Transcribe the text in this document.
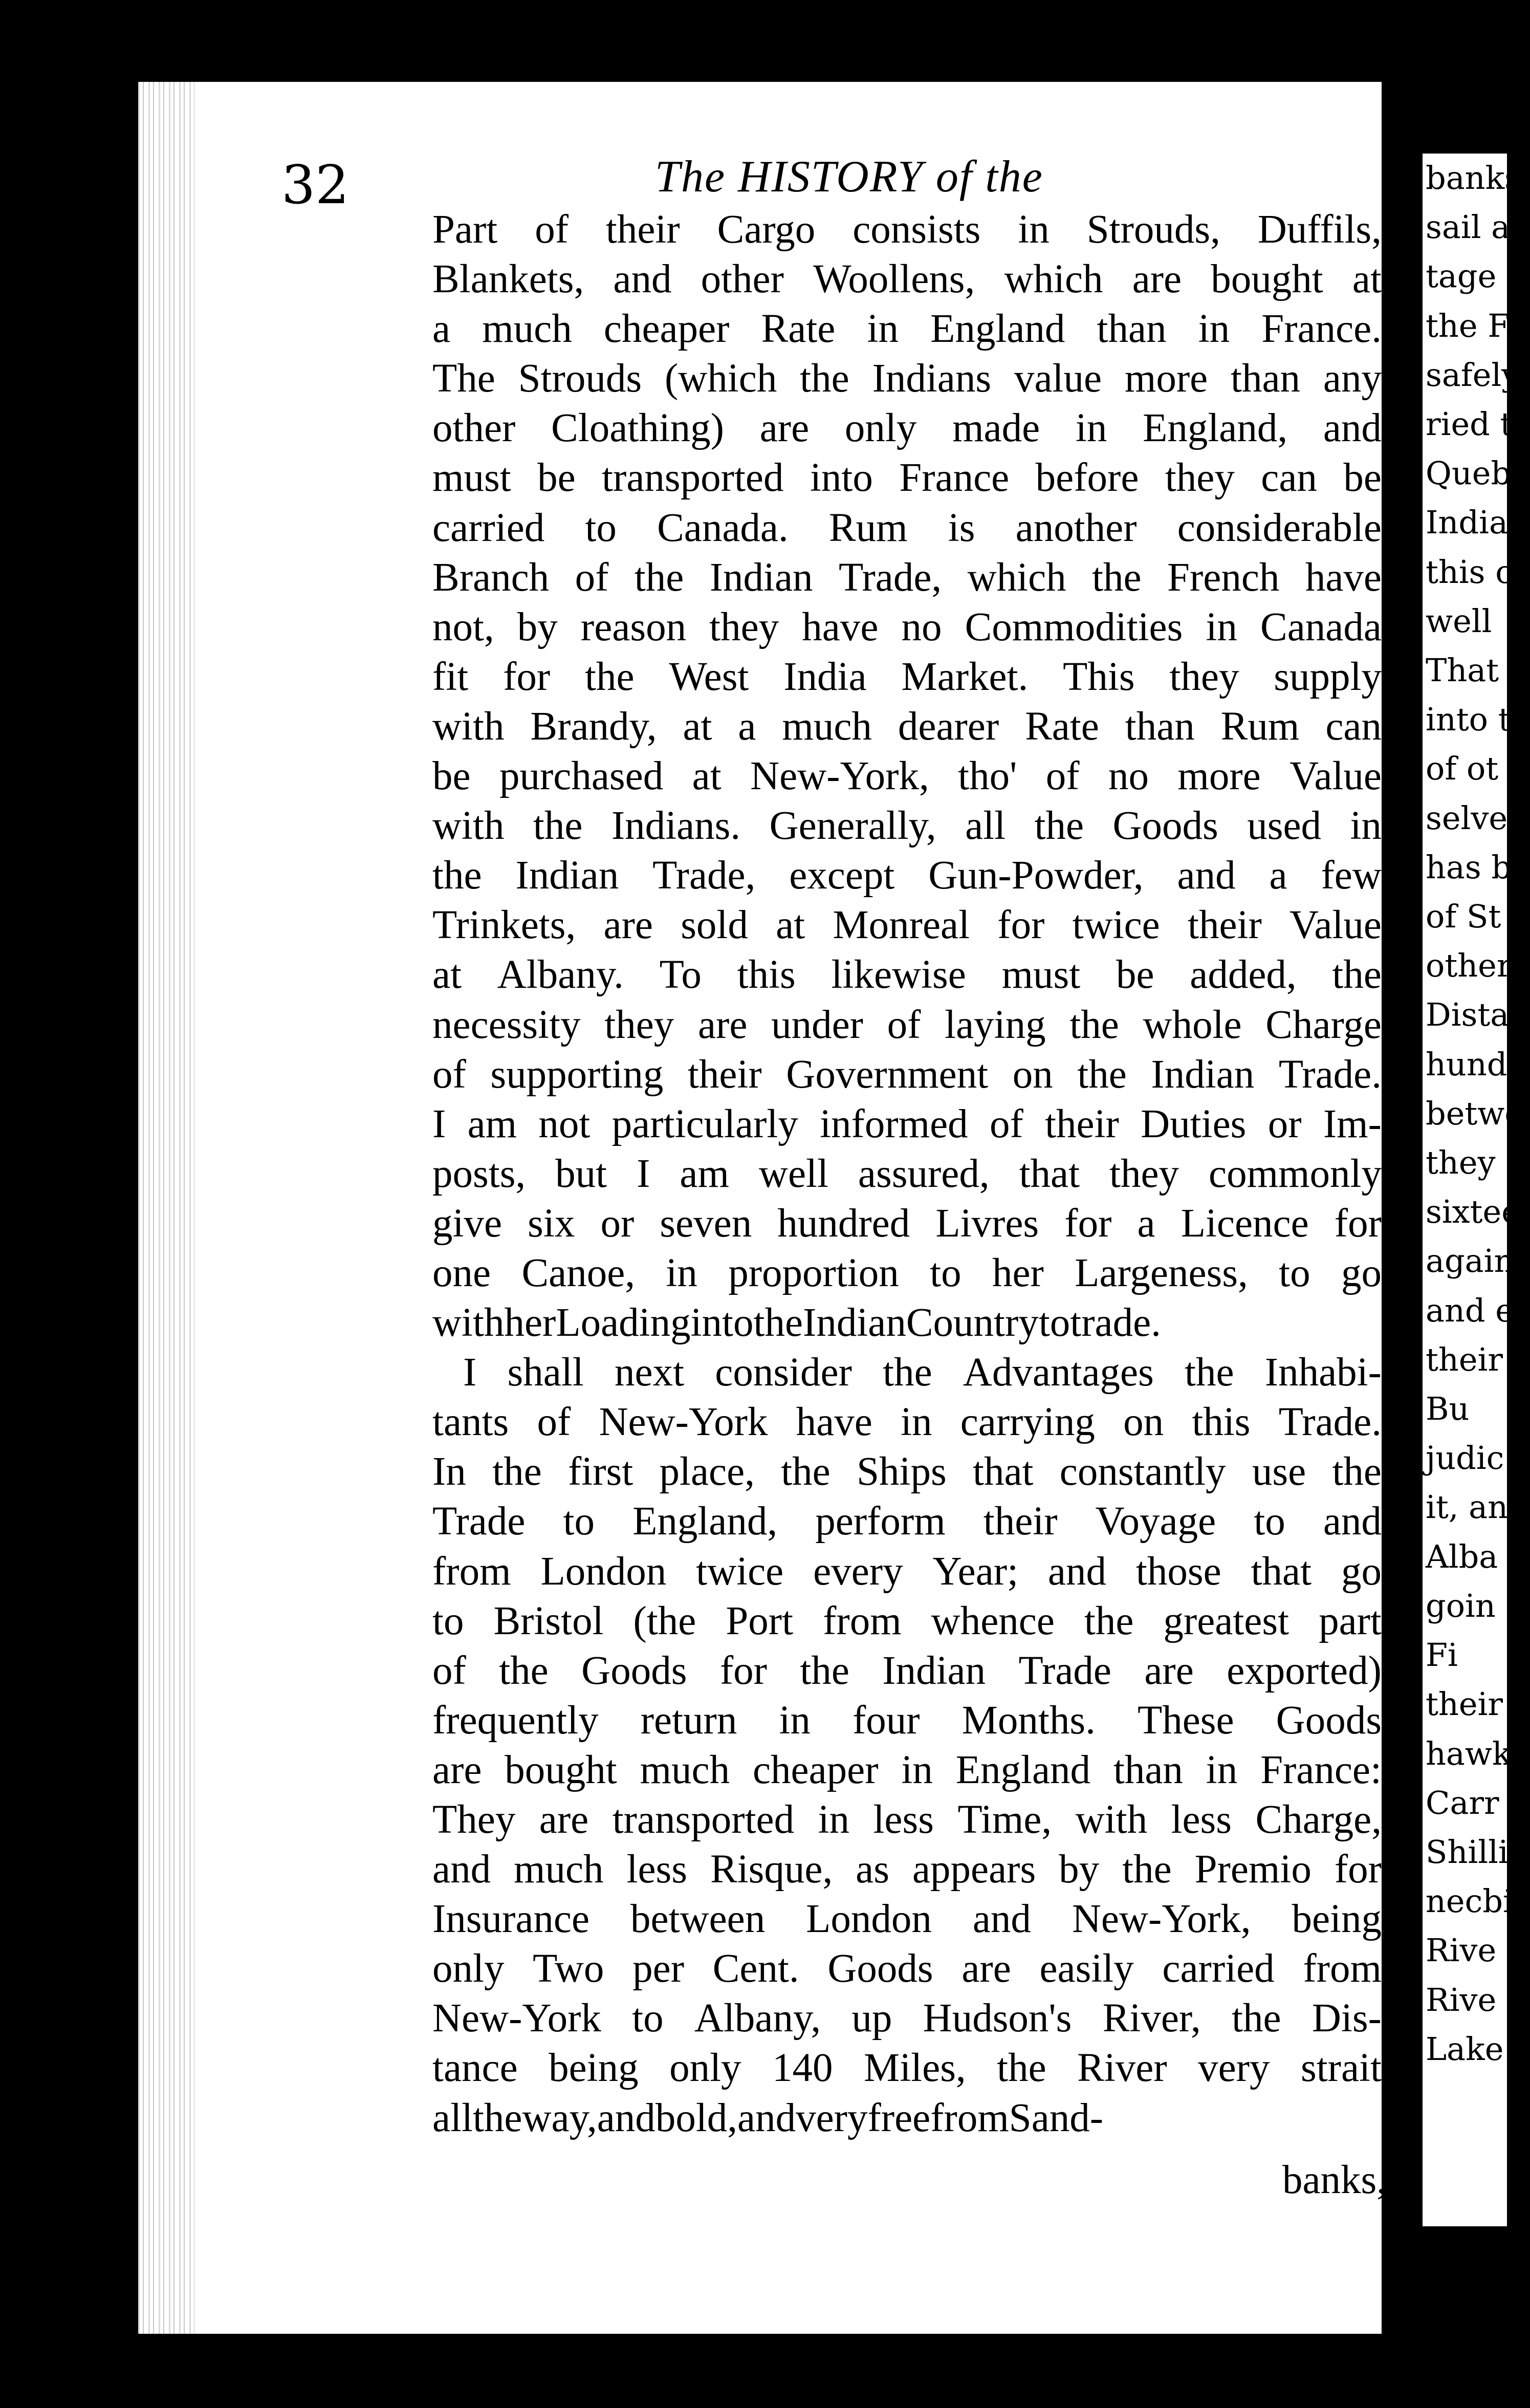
32	The HISTORY of the
Part of their Cargo consists in Strouds, Duffils,
Blankets, and other Woollens, which are bought at
a much cheaper Rate in England than in France.
The Strouds (which the Indians value more than any
other Cloathing) are only made in England, and
must be transported into France before they can be
carried to Canada. Rum is another considerable
Branch of the Indian Trade, which the French have
not, by reason they have no Commodities in Canada
fit for the West India Market. This they supply
with Brandy, at a much dearer Rate than Rum can
be purchased at New-York, tho' of no more Value
with the Indians. Generally, all the Goods used in
the Indian Trade, except Gun-Powder, and a few
Trinkets, are sold at Monreal for twice their Value
at Albany. To this likewise must be added, the
necessity they are under of laying the whole Charge
of supporting their Government on the Indian Trade.
I am not particularly informed of their Duties or Im-
posts, but I am well assured, that they commonly
give six or seven hundred Livres for a Licence for
one Canoe, in proportion to her Largeness, to go
with her Loading into the Indian Country to trade.
I shall next consider the Advantages the Inhabi-
tants of New-York have in carrying on this Trade.
In the first place, the Ships that constantly use the
Trade to England, perform their Voyage to and
from London twice every Year; and those that go
to Bristol (the Port from whence the greatest part
of the Goods for the Indian Trade are exported)
frequently return in four Months. These Goods
are bought much cheaper in England than in France:
They are transported in less Time, with less Charge,
and much less Risque, as appears by the Premio for
Insurance between London and New-York, being
only Two per Cent. Goods are easily carried from
New-York to Albany, up Hudson's River, the Dis-
tance being only 140 Miles, the River very strait
all the way, and bold, and very free from Sand-
banks,
banks
sail as
tage
the Fl
safely
ried t
Quebe
Indian
this c
well
That
into t
of ot
selves
has b
of St
other
Distan
hund
betwe
they c
sixtee
again
and e
their
Bu
judic
it, an
Alba
goin
Fi
their
hawk
Carr
Shilli
necbi
Rive
Rive
Lake
